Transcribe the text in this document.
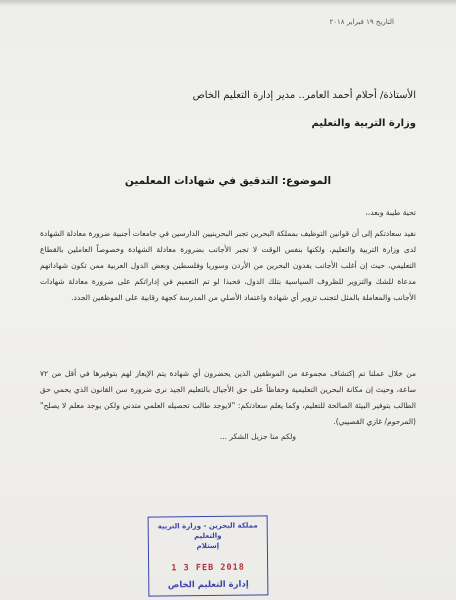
التاريخ ١٩ فبراير ٢٠١٨
الأستاذة/ أحلام أحمد العامر.. مدير إدارة التعليم الخاص
وزارة التربية والتعليم
الموضوع: التدقيق في شهادات المعلمين
تحية طيبة وبعد،،
نفيد سعادتكم إلى أن قوانين التوظيف بمملكة البحرين تجبر البحرينيين الدارسين في جامعات أجنبية ضرورة معادلة الشهادة لدى وزارة التربية والتعليم، ولكنها بنفس الوقت لا تجبر الأجانب بضرورة معادلة الشهادة وخصوصاً العاملين بالقطاع التعليمي، حيث إن أغلب الأجانب يفدون البحرين من الأردن وسوريا وفلسطين وبعض الدول العربية ممن تكون شهاداتهم مدعاة للشك والتزوير للظروف السياسية بتلك الدول، فحبذا لو تم التعميم في إداراتكم على ضرورة معادلة شهادات الأجانب والمعاملة بالمثل لتجنب تزوير أي شهادة واعتماد الأصلي من المدرسة كجهة رقابية على الموظفين الجدد.
من خلال عملنا تم إكتشاف مجموعة من الموظفين الذين يحضرون أي شهادة يتم الإيعاز لهم بتوفيرها في أقل من ٧٢ ساعة، وحيث إن مكانة البحرين التعليمية وحفاظاً على حق الأجيال بالتعليم الجيد نرى ضرورة سن القانون الذي يحمي حق الطالب بتوفير البيئة الصالحة للتعليم، وكما يعلم سعادتكم: "لايوجد طالب تحصيله العلمي متدني ولكن يوجد معلم لا يصلح" (المرحوم/ غازي القصيبي).
ولكم منا جزيل الشكر ...
مملكة البحرين - وزارة التربية والتعليم
إستلام
1 3 FEB 2018
إدارة التعليم الخاص
